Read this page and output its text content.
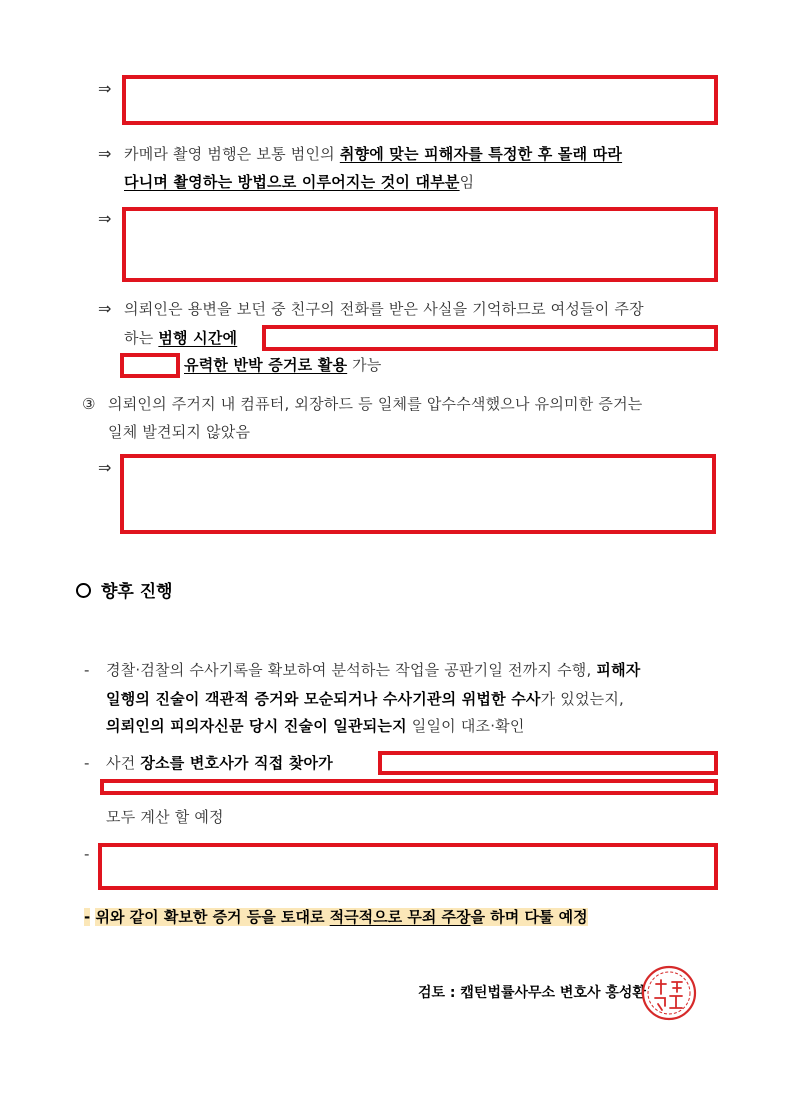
⇒
⇒ 카메라 촬영 범행은 보통 범인의 취향에 맞는 피해자를 특정한 후 몰래 따라
다니며 촬영하는 방법으로 이루어지는 것이 대부분임
⇒
⇒ 의뢰인은 용변을 보던 중 친구의 전화를 받은 사실을 기억하므로 여성들이 주장
하는 범행 시간에
유력한 반박 증거로 활용 가능
③ 의뢰인의 주거지 내 컴퓨터, 외장하드 등 일체를 압수수색했으나 유의미한 증거는
일체 발견되지 않았음
⇒
향후 진행
- 경찰·검찰의 수사기록을 확보하여 분석하는 작업을 공판기일 전까지 수행, 피해자
일행의 진술이 객관적 증거와 모순되거나 수사기관의 위법한 수사가 있었는지,
의뢰인의 피의자신문 당시 진술이 일관되는지 일일이 대조·확인
- 사건 장소를 변호사가 직접 찾아가
모두 계산 할 예정
-
- 위와 같이 확보한 증거 등을 토대로 적극적으로 무죄 주장을 하며 다툴 예정
검토 : 캡틴법률사무소 변호사 홍성환
